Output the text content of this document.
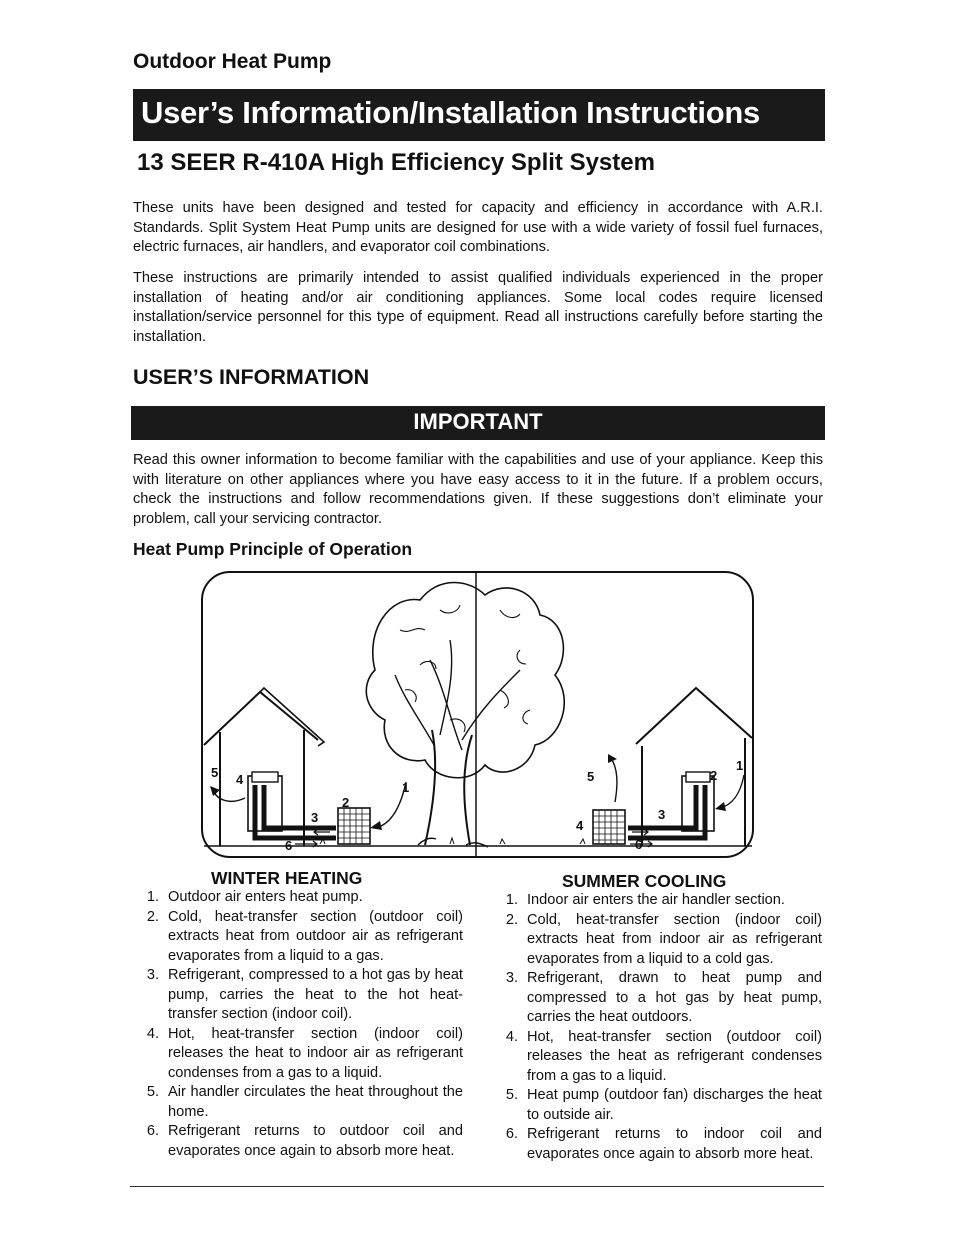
Outdoor Heat Pump
User’s Information/Installation Instructions
13 SEER R-410A High Efficiency Split System
These units have been designed and tested for capacity and efficiency in accordance with A.R.I. Standards. Split System Heat Pump units are designed for use with a wide variety of fossil fuel furnaces, electric furnaces, air handlers, and evaporator coil combinations.
These instructions are primarily intended to assist qualified individuals experienced in the proper installation of heating and/or air conditioning appliances. Some local codes require licensed installation/service personnel for this type of equipment. Read all instructions carefully before starting the installation.
USER’S INFORMATION
IMPORTANT
Read this owner information to become familiar with the capabilities and use of your appliance. Keep this with literature on other appliances where you have easy access to it in the future. If a problem occurs, check the instructions and follow recommendations given. If these suggestions don’t eliminate your problem, call your servicing contractor.
Heat Pump Principle of Operation
1
2
3
4
5
6
1
2
3
4
5
6
WINTER HEATING
1. Outdoor air enters heat pump.
2. Cold, heat-transfer section (outdoor coil) extracts heat from outdoor air as refrigerant evaporates from a liquid to a gas.
3. Refrigerant, compressed to a hot gas by heat pump, carries the heat to the hot heat-transfer section (indoor coil).
4. Hot, heat-transfer section (indoor coil) releases the heat to indoor air as refrigerant condenses from a gas to a liquid.
5. Air handler circulates the heat throughout the home.
6. Refrigerant returns to outdoor coil and evaporates once again to absorb more heat.
SUMMER COOLING
1. Indoor air enters the air handler section.
2. Cold, heat-transfer section (indoor coil) extracts heat from indoor air as refrigerant evaporates from a liquid to a cold gas.
3. Refrigerant, drawn to heat pump and compressed to a hot gas by heat pump, carries the heat outdoors.
4. Hot, heat-transfer section (outdoor coil) releases the heat as refrigerant condenses from a gas to a liquid.
5. Heat pump (outdoor fan) discharges the heat to outside air.
6. Refrigerant returns to indoor coil and evaporates once again to absorb more heat.
